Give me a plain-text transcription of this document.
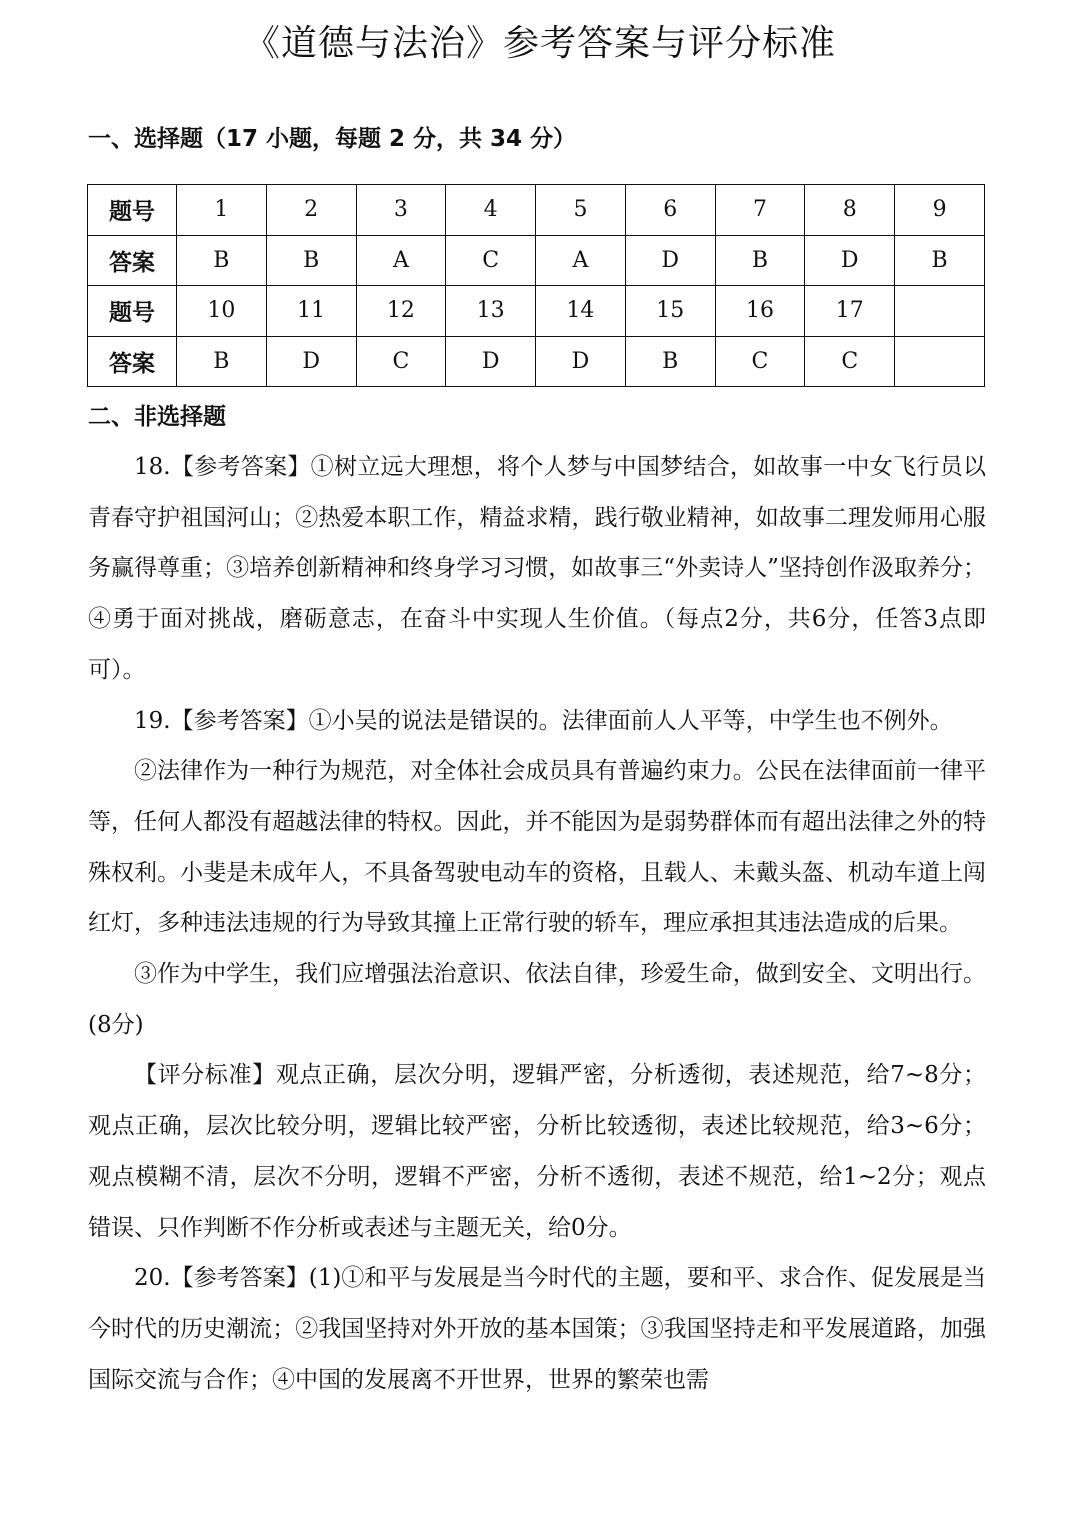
《道德与法治》参考答案与评分标准
一、选择题（17 小题，每题 2 分，共 34 分）
题号	1	2	3	4	5	6	7	8	9
答案	B	B	A	C	A	D	B	D	B
题号	10	11	12	13	14	15	16	17	
答案	B	D	C	D	D	B	C	C	
二、非选择题

18.【参考答案】①树立远大理想，将个人梦与中国梦结合，如故事一中女飞行员以青春守护祖国河山；②热爱本职工作，精益求精，践行敬业精神，如故事二理发师用心服务赢得尊重；③培养创新精神和终身学习习惯，如故事三“外卖诗人”坚持创作汲取养分；④勇于面对挑战，磨砺意志，在奋斗中实现人生价值。（每点2分，共6分，任答3点即可）。

19.【参考答案】①小吴的说法是错误的。法律面前人人平等，中学生也不例外。

②法律作为一种行为规范，对全体社会成员具有普遍约束力。公民在法律面前一律平等，任何人都没有超越法律的特权。因此，并不能因为是弱势群体而有超出法律之外的特殊权利。小斐是未成年人，不具备驾驶电动车的资格，且载人、未戴头盔、机动车道上闯红灯，多种违法违规的行为导致其撞上正常行驶的轿车，理应承担其违法造成的后果。

③作为中学生，我们应增强法治意识、依法自律，珍爱生命，做到安全、文明出行。(8分)

【评分标准】观点正确，层次分明，逻辑严密，分析透彻，表述规范，给7~8分；观点正确，层次比较分明，逻辑比较严密，分析比较透彻，表述比较规范，给3~6分；观点模糊不清，层次不分明，逻辑不严密，分析不透彻，表述不规范，给1~2分；观点错误、只作判断不作分析或表述与主题无关，给0分。

20.【参考答案】(1)①和平与发展是当今时代的主题，要和平、求合作、促发展是当今时代的历史潮流；②我国坚持对外开放的基本国策；③我国坚持走和平发展道路，加强国际交流与合作；④中国的发展离不开世界，世界的繁荣也需
